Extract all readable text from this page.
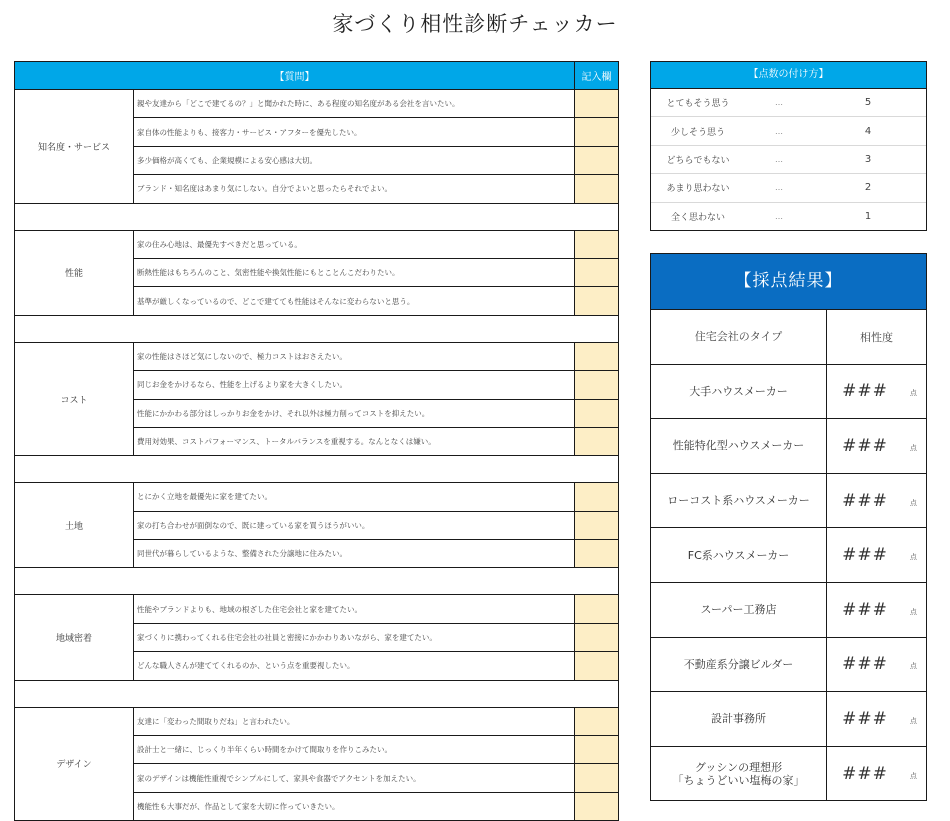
家づくり相性診断チェッカー
【質問】		記入欄
知名度・サービス	親や友達から「どこで建てるの？」と聞かれた時に、ある程度の知名度がある会社を言いたい。	
	家自体の性能よりも、接客力・サービス・アフターを優先したい。	
	多少価格が高くても、企業規模による安心感は大切。	
	ブランド・知名度はあまり気にしない。自分でよいと思ったらそれでよい。	

性能	家の住み心地は、最優先すべきだと思っている。	
	断熱性能はもちろんのこと、気密性能や換気性能にもとことんこだわりたい。	
	基準が厳しくなっているので、どこで建てても性能はそんなに変わらないと思う。	

コスト	家の性能はさほど気にしないので、極力コストはおさえたい。	
	同じお金をかけるなら、性能を上げるより家を大きくしたい。	
	性能にかかわる部分はしっかりお金をかけ、それ以外は極力削ってコストを抑えたい。	
	費用対効果、コストパフォーマンス、トータルバランスを重視する。なんとなくは嫌い。	

土地	とにかく立地を最優先に家を建てたい。	
	家の打ち合わせが面倒なので、既に建っている家を買うほうがいい。	
	同世代が暮らしているような、整備された分譲地に住みたい。	

地域密着	性能やブランドよりも、地域の根ざした住宅会社と家を建てたい。	
	家づくりに携わってくれる住宅会社の社員と密接にかかわりあいながら、家を建てたい。	
	どんな職人さんが建ててくれるのか、という点を重要視したい。	

デザイン	友達に「変わった間取りだね」と言われたい。	
	設計士と一緒に、じっくり半年くらい時間をかけて間取りを作りこみたい。	
	家のデザインは機能性重視でシンプルにして、家具や食器でアクセントを加えたい。	
	機能性も大事だが、作品として家を大切に作っていきたい。	
【点数の付け方】
とてもそう思う	…	5
少しそう思う	…	4
どちらでもない	…	3
あまり思わない	…	2
全く思わない	…	1
【採点結果】
住宅会社のタイプ	相性度
大手ハウスメーカー	###	点
性能特化型ハウスメーカー	###	点
ローコスト系ハウスメーカー	###	点
FC系ハウスメーカー	###	点
スーパー工務店	###	点
不動産系分譲ビルダー	###	点
設計事務所	###	点
グッシンの理想形
「ちょうどいい塩梅の家」	###	点
